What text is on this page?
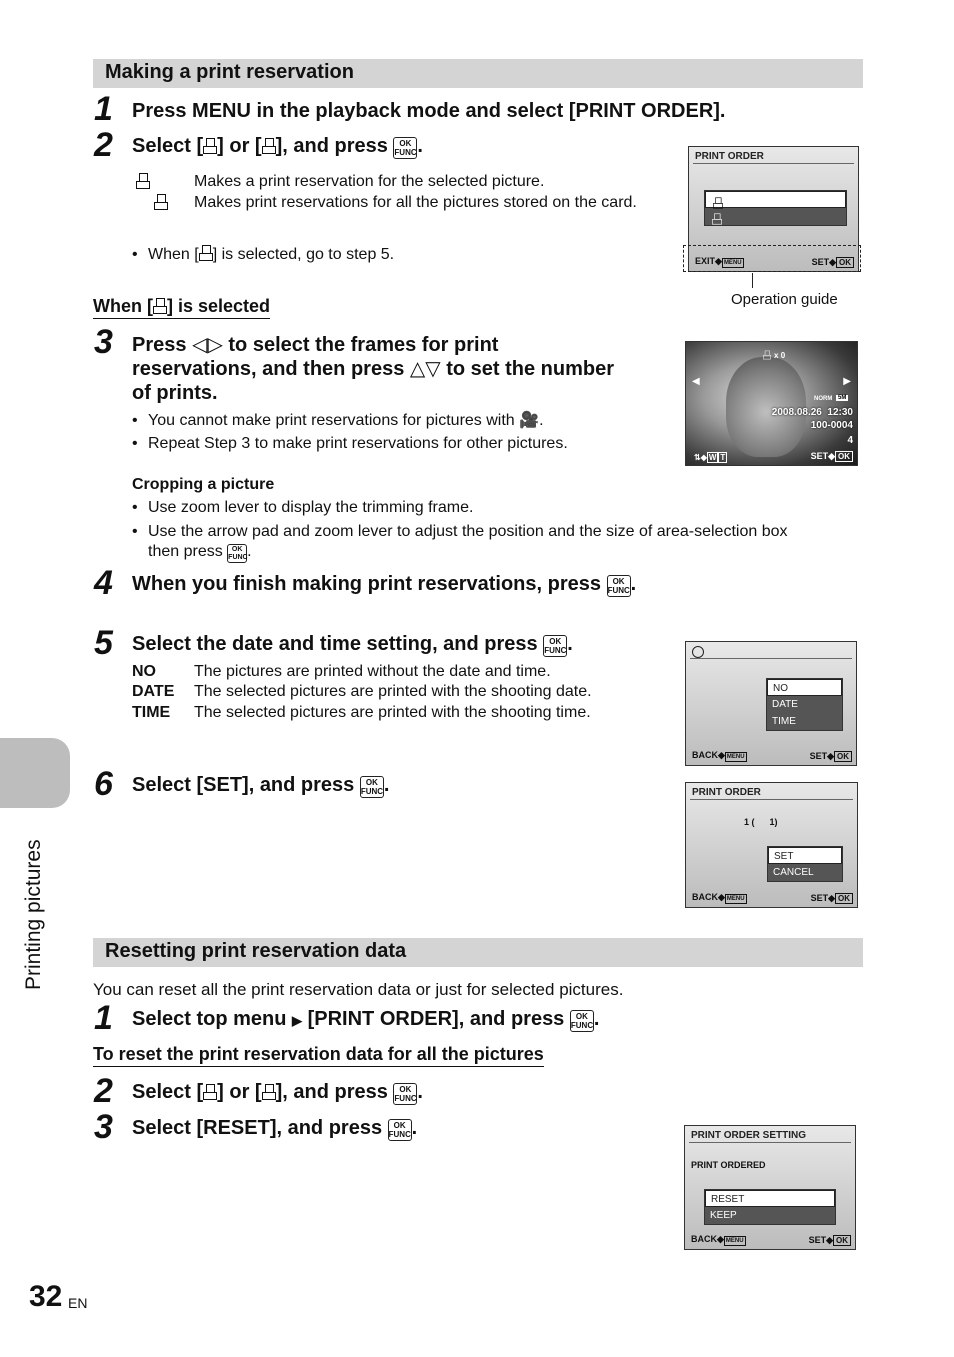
Making a print reservation
1 Press MENU in the playback mode and select [PRINT ORDER].
2 Select [ ] or [ ], and press OK
FUNC.

Makes a print reservation for the selected picture.
Makes print reservations for all the pictures stored on the card.
• When [ ] is selected, go to step 5.
PRINT ORDER
EXIT◆ MENU	SET◆ OK
Operation guide
When [ ] is selected
3 Press ◁▷ to select the frames for print
reservations, and then press △▽ to set the number
of prints.
• You cannot make print reservations for pictures with 🎥.
• Repeat Step 3 to make print reservations for other pictures.
x 0
◀	▶
NORM 5M
2008.08.26 12:30
100-0004
4
⇅◆ W T	SET◆ OK
Cropping a picture
• Use zoom lever to display the trimming frame.
• Use the arrow pad and zoom lever to adjust the position and the size of area-selection box
then press OK
FUNC.
4 When you finish making print reservations, press OK
FUNC.
5 Select the date and time setting, and press OK
FUNC.
NO The pictures are printed without the date and time.
DATE The selected pictures are printed with the shooting date.
TIME The selected pictures are printed with the shooting time.
NO
DATE
TIME
BACK◆ MENU	SET◆ OK
6 Select [SET], and press OK
FUNC.	PRINT ORDER
1 (      1)
SET
CANCEL
BACK◆ MENU	SET◆ OK
Resetting print reservation data
You can reset all the print reservation data or just for selected pictures.
1 Select top menu ▶ [PRINT ORDER], and press OK
FUNC.
To reset the print reservation data for all the pictures
2 Select [ ] or [ ], and press OK
FUNC.
3 Select [RESET], and press OK
FUNC.	PRINT ORDER SETTING
PRINT ORDERED
RESET
KEEP
BACK◆ MENU	SET◆ OK
Printing pictures
32 EN
